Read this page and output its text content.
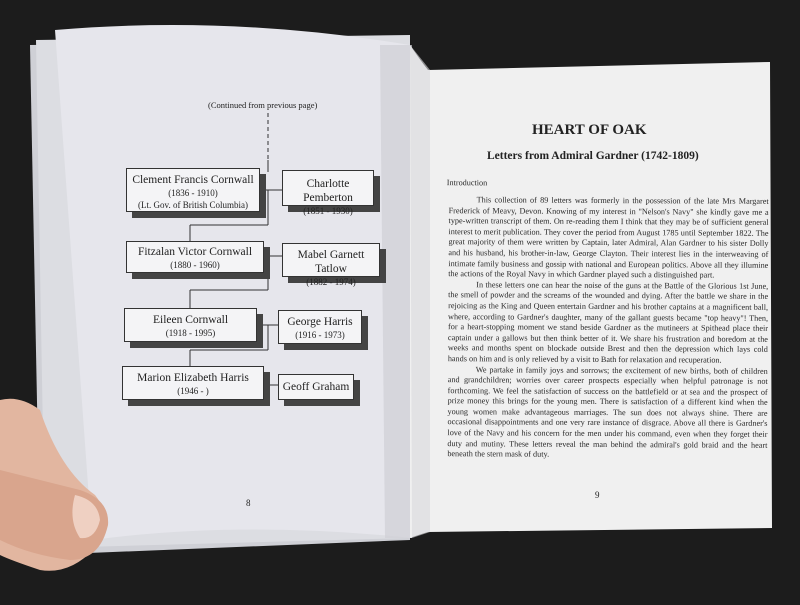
(Continued from previous page)
Clement Francis Cornwall
(1836 - 1910)
(Lt. Gov. of British Columbia)
Charlotte Pemberton
(1851 - 1930)
Fitzalan Victor Cornwall
(1880 - 1960)
Mabel Garnett Tatlow
(1882 - 1974)
Eileen Cornwall
(1918 - 1995)
George Harris
(1916 - 1973)
Marion Elizabeth Harris
(1946 - )	Geoff Graham
8
HEART OF OAK
Letters from Admiral Gardner (1742-1809)

Introduction

This collection of 89 letters was formerly in the possession of the late Mrs Margaret Frederick of Meavy, Devon. Knowing of my interest in "Nelson's Navy" she kindly gave me a type-written transcript of them. On re-reading them I think that they may be of sufficient general interest to merit publication. They cover the period from August 1785 until September 1822. The great majority of them were written by Captain, later Admiral, Alan Gardner to his sister Dolly and his husband, his brother-in-law, George Clayton. Their interest lies in the interweaving of intimate family business and gossip with national and European politics. Above all they illumine the actions of the Royal Navy in which Gardner played such a distinguished part.

In these letters one can hear the noise of the guns at the Battle of the Glorious 1st June, the smell of powder and the screams of the wounded and dying. After the battle we share in the rejoicing as the King and Queen entertain Gardner and his brother captains at a magnificent ball, where, according to Gardner's daughter, many of the gallant guests became "top heavy"! Then, for a heart-stopping moment we stand beside Gardner as the mutineers at Spithead place their captain under a gallows but then think better of it. We share his frustration and boredom at the weeks and months spent on blockade outside Brest and then the depression which lays cold hands on him and is only relieved by a visit to Bath for relaxation and recuperation.

We partake in family joys and sorrows; the excitement of new births, both of children and grandchildren; worries over career prospects especially when helpful patronage is not forthcoming. We feel the satisfaction of success on the battlefield or at sea and the prospect of prize money this brings for the young men. There is satisfaction of a different kind when the young women make advantageous marriages. The sun does not always shine. There are occasional disappointments and one very rare instance of disgrace. Above all there is Gardner's love of the Navy and his concern for the men under his command, even when they forget their duty and mutiny. These letters reveal the man behind the admiral's gold braid and the heart beneath the stern mask of duty.

9
